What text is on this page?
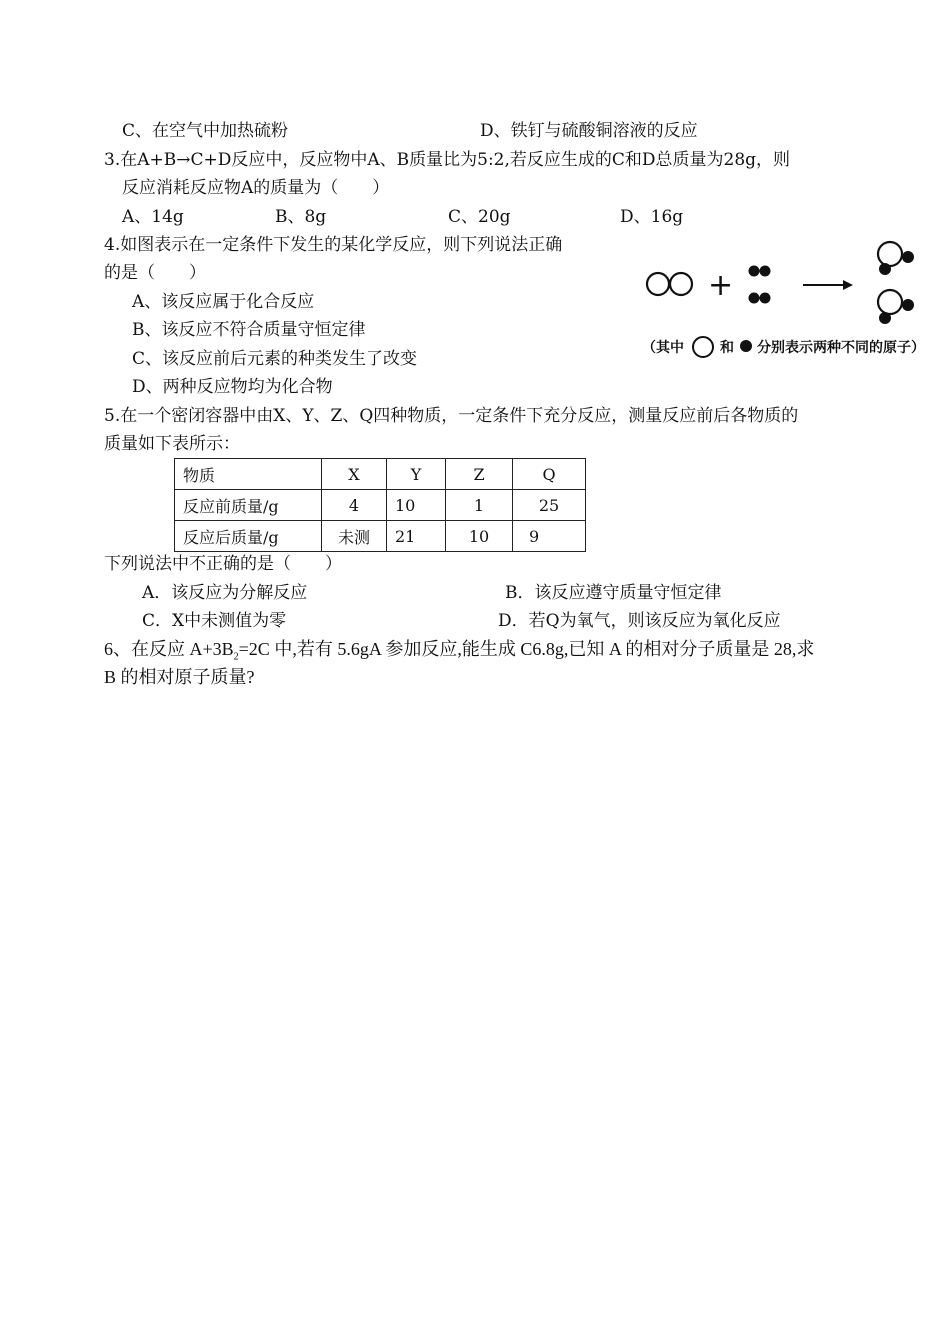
C、在空气中加热硫粉	D、铁钉与硫酸铜溶液的反应
3.在A+B→C+D反应中，反应物中A、B质量比为5:2,若反应生成的C和D总质量为28g，则
反应消耗反应物A的质量为（　　）
A、14g	B、8g	C、20g	D、16g
4.如图表示在一定条件下发生的某化学反应，则下列说法正确
的是（　　）
A、该反应属于化合反应
B、该反应不符合质量守恒定律
C、该反应前后元素的种类发生了改变
D、两种反应物均为化合物
+
（其中	和 分别表示两种不同的原子）
5.在一个密闭容器中由X、Y、Z、Q四种物质，一定条件下充分反应，测量反应前后各物质的
质量如下表所示：
物质	X	Y	Z	Q
反应前质量/g	4	10	1	25
反应后质量/g	未测	21	10	9
下列说法中不正确的是（　　）
A．该反应为分解反应	B．该反应遵守质量守恒定律
C．X中未测值为零	D．若Q为氧气，则该反应为氧化反应
6、在反应 $A+3B_2=2C$ 中,若有 5.6gA 参加反应,能生成 C6.8g,已知 A 的相对分子质量是 28,求
B 的相对原子质量?
